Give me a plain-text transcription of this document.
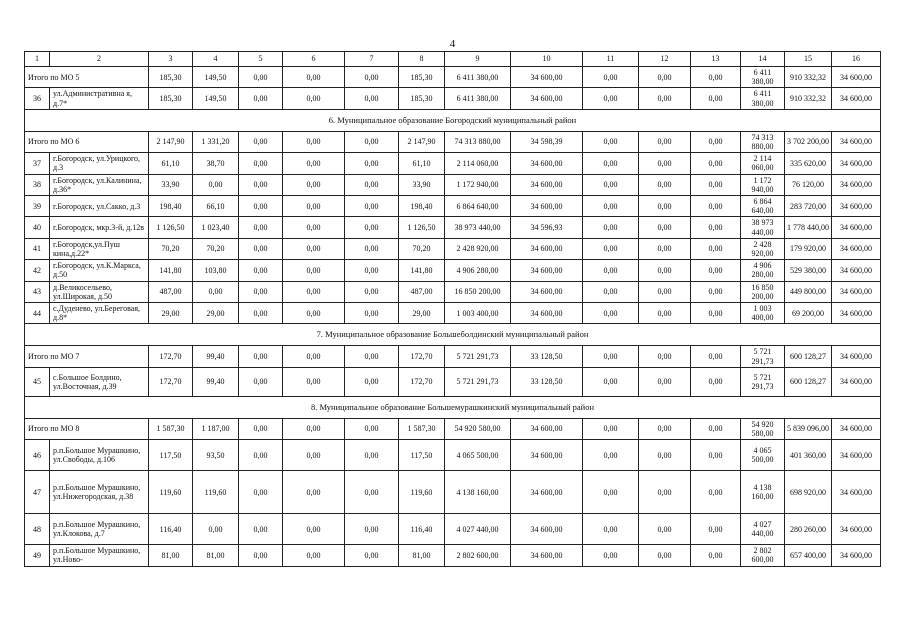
4
1	2	3	4	5	6	7	8	9	10	11	12	13	14	15	16
Итого по МО 5		185,30	149,50	0,00	0,00	0,00	185,30	6 411 380,00	34 600,00	0,00	0,00	0,00	6 411 380,00	910 332,32	34 600,00
36	ул.Административна я, д.7*	185,30	149,50	0,00	0,00	0,00	185,30	6 411 380,00	34 600,00	0,00	0,00	0,00	6 411 380,00	910 332,32	34 600,00
6. Муниципальное образование Богородский муниципальный район															
Итого по МО 6		2 147,90	1 331,20	0,00	0,00	0,00	2 147,90	74 313 880,00	34 598,39	0,00	0,00	0,00	74 313 880,00	3 702 200,00	34 600,00
37	г.Богородск, ул.Урицкого, д.3	61,10	38,70	0,00	0,00	0,00	61,10	2 114 060,00	34 600,00	0,00	0,00	0,00	2 114 060,00	335 620,00	34 600,00
38	г.Богородск, ул.Калинина, д.36*	33,90	0,00	0,00	0,00	0,00	33,90	1 172 940,00	34 600,00	0,00	0,00	0,00	1 172 940,00	76 120,00	34 600,00
39	г.Богородск, ул.Сакко, д.3	198,40	66,10	0,00	0,00	0,00	198,40	6 864 640,00	34 600,00	0,00	0,00	0,00	6 864 640,00	283 720,00	34 600,00
40	г.Богородск, мкр.3-й, д.12в	1 126,50	1 023,40	0,00	0,00	0,00	1 126,50	38 973 440,00	34 596,93	0,00	0,00	0,00	38 973 440,00	1 778 440,00	34 600,00
41	г.Богородск,ул.Пуш кина,д.22*	70,20	70,20	0,00	0,00	0,00	70,20	2 428 920,00	34 600,00	0,00	0,00	0,00	2 428 920,00	179 920,00	34 600,00
42	г.Богородск, ул.К.Маркса, д.50	141,80	103,80	0,00	0,00	0,00	141,80	4 906 280,00	34 600,00	0,00	0,00	0,00	4 906 280,00	529 380,00	34 600,00
43	д.Великосельево, ул.Широкая, д.50	487,00	0,00	0,00	0,00	0,00	487,00	16 850 200,00	34 600,00	0,00	0,00	0,00	16 850 200,00	449 800,00	34 600,00
44	с.Дуденево, ул.Береговая, д.8*	29,00	29,00	0,00	0,00	0,00	29,00	1 003 400,00	34 600,00	0,00	0,00	0,00	1 003 400,00	69 200,00	34 600,00
7. Муниципальное образование Большеболдинский муниципальный район															
Итого по МО 7		172,70	99,40	0,00	0,00	0,00	172,70	5 721 291,73	33 128,50	0,00	0,00	0,00	5 721 291,73	600 128,27	34 600,00
45	с.Большое Болдино, ул.Восточная, д.39	172,70	99,40	0,00	0,00	0,00	172,70	5 721 291,73	33 128,50	0,00	0,00	0,00	5 721 291,73	600 128,27	34 600,00
8. Муниципальное образование Большемурашкинский муниципальный район															
Итого по МО 8		1 587,30	1 187,00	0,00	0,00	0,00	1 587,30	54 920 580,00	34 600,00	0,00	0,00	0,00	54 920 580,00	5 839 096,00	34 600,00
46	р.п.Большое Мурашкино, ул.Свободы, д.106	117,50	93,50	0,00	0,00	0,00	117,50	4 065 500,00	34 600,00	0,00	0,00	0,00	4 065 500,00	401 360,00	34 600,00
47	р.п.Большое Мурашкино, ул.Нижегородская, д.38	119,60	119,60	0,00	0,00	0,00	119,60	4 138 160,00	34 600,00	0,00	0,00	0,00	4 138 160,00	698 920,00	34 600,00
48	р.п.Большое Мурашкино, ул.Клокова, д.7	116,40	0,00	0,00	0,00	0,00	116,40	4 027 440,00	34 600,00	0,00	0,00	0,00	4 027 440,00	280 260,00	34 600,00
49	р.п.Большое Мурашкино, ул.Ново-	81,00	81,00	0,00	0,00	0,00	81,00	2 802 600,00	34 600,00	0,00	0,00	0,00	2 802 600,00	657 400,00	34 600,00
